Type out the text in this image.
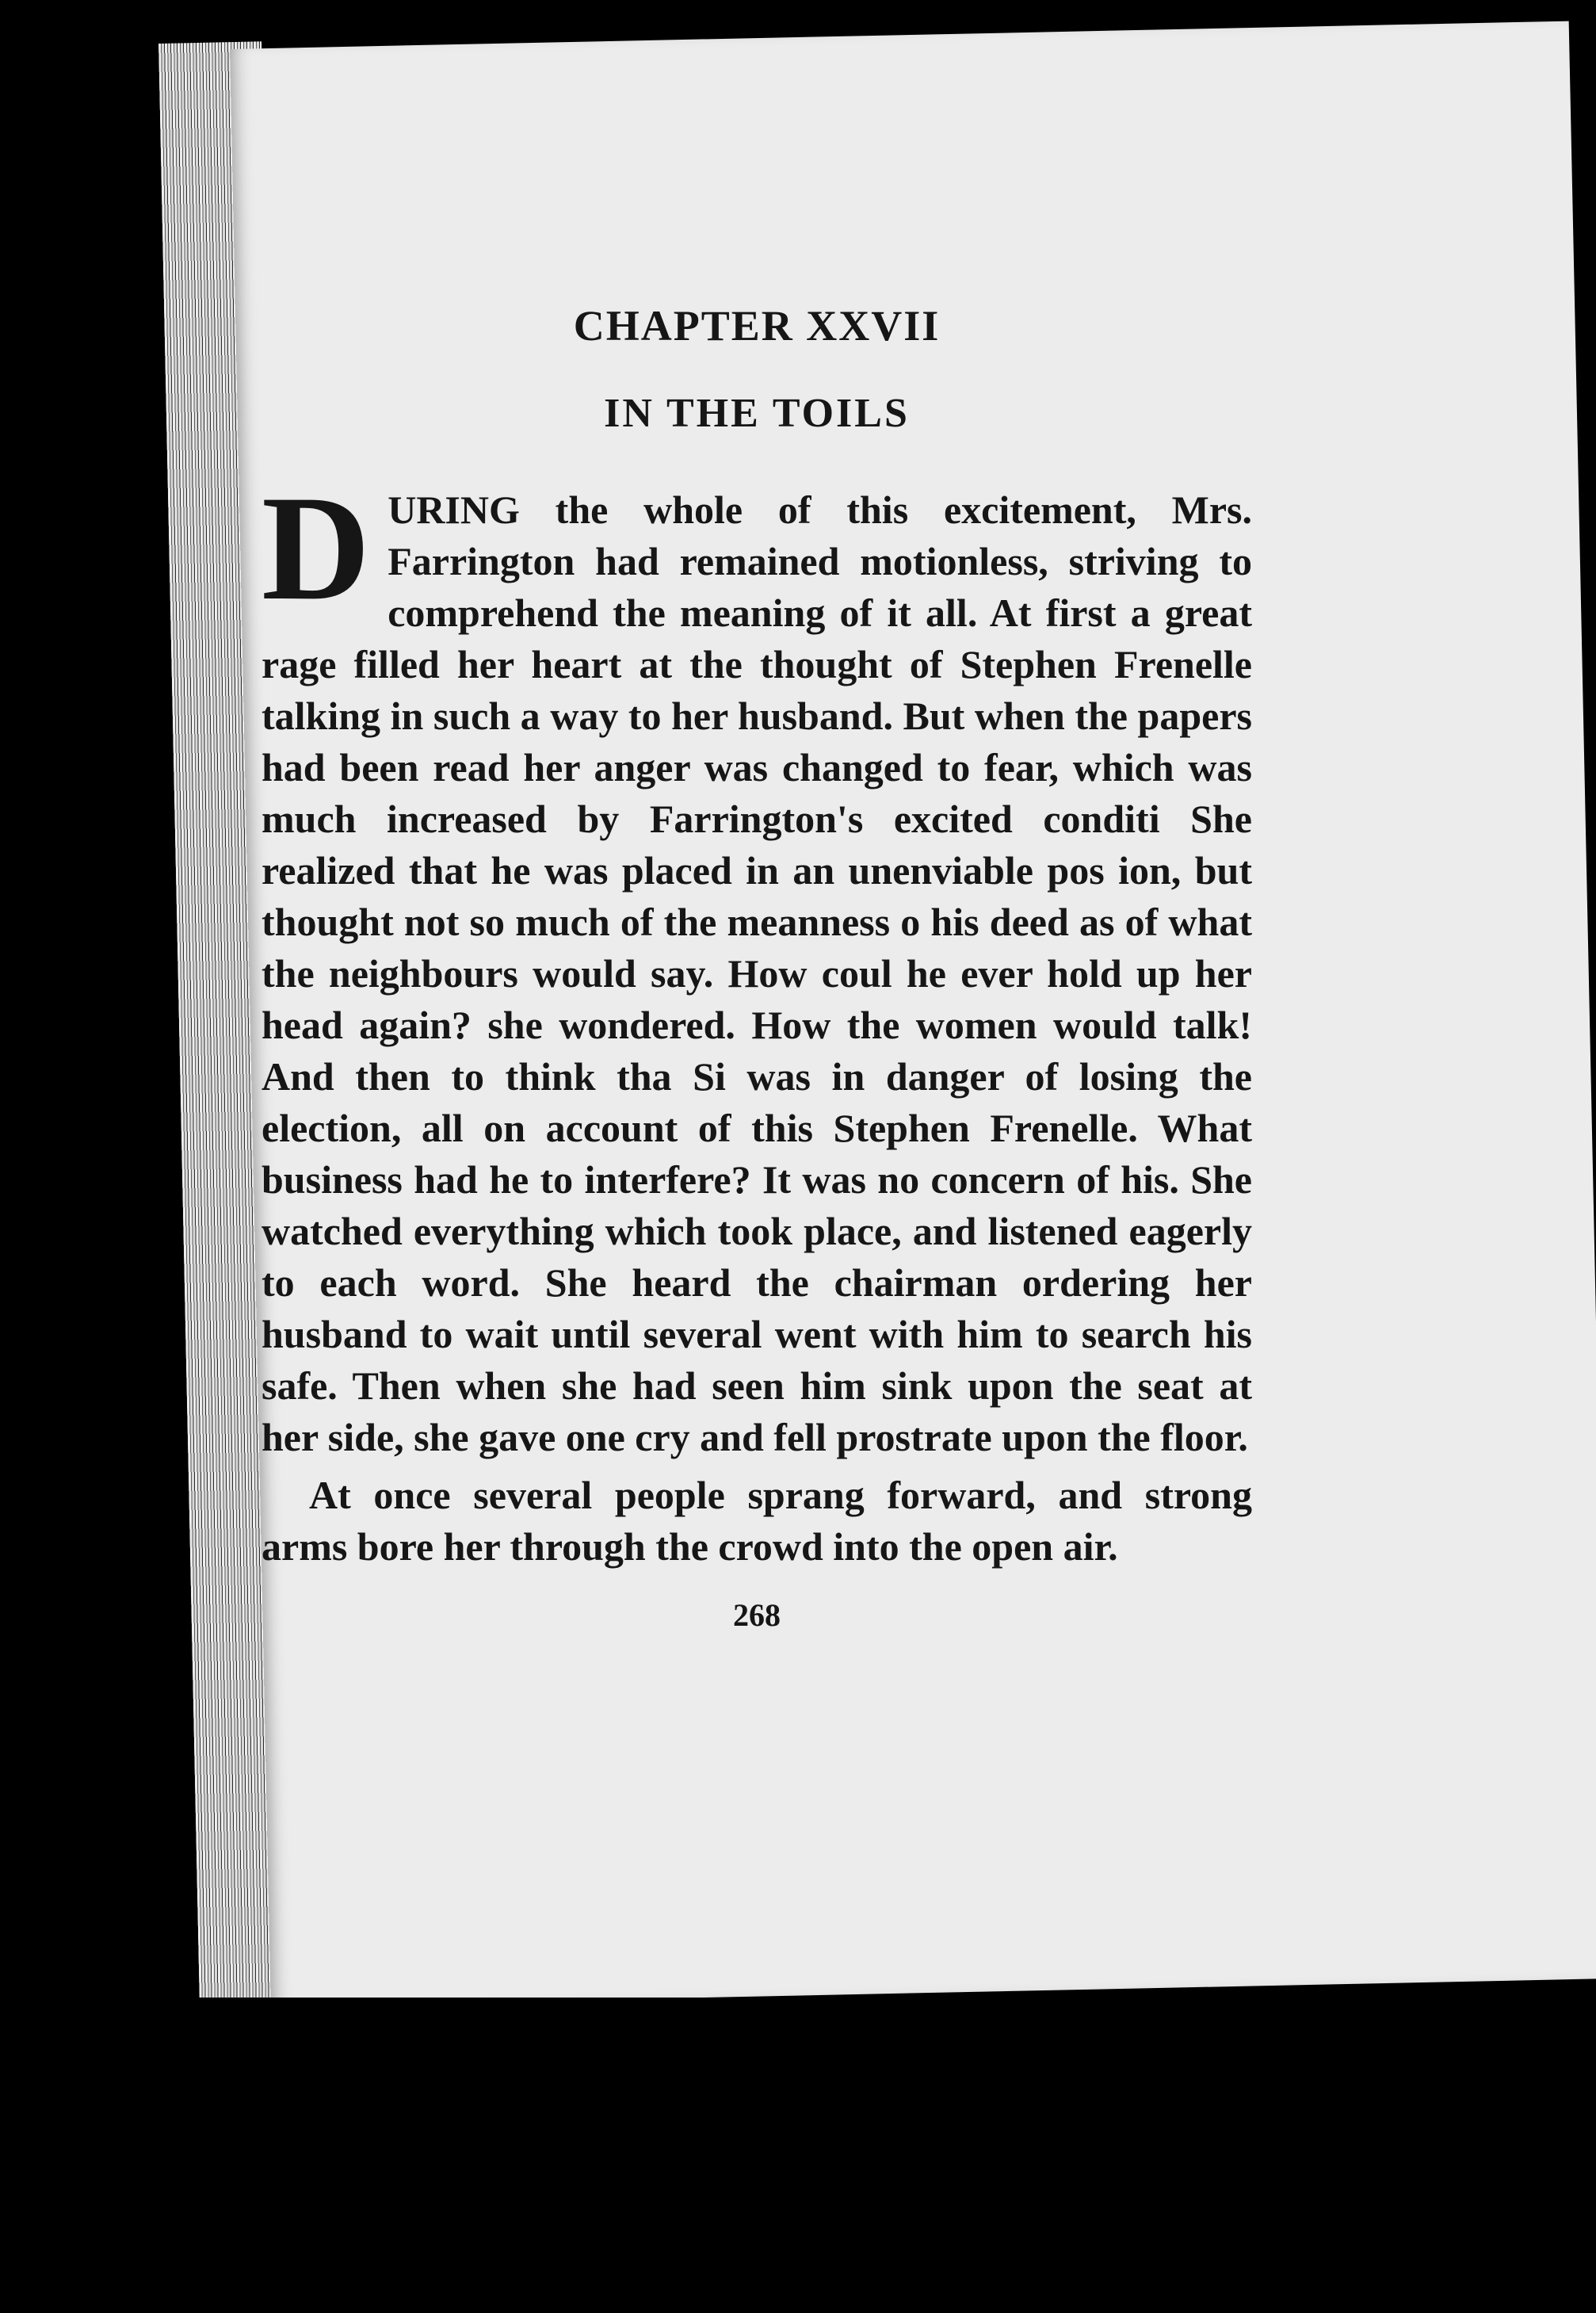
CHAPTER XXVII
IN THE TOILS

DURING the whole of this excitement, Mrs. Farrington had remained motionless, striving to comprehend the meaning of it all. At first a great rage filled her heart at the thought of Stephen Frenelle talking in such a way to her husband. But when the papers had been read her anger was changed to fear, which was much increased by Farrington's excited conditi She realized that he was placed in an unenviable pos ion, but thought not so much of the meanness o his deed as of what the neighbours would say. How coul he ever hold up her head again? she wondered. How the women would talk! And then to think tha Si was in danger of losing the election, all on account of this Stephen Frenelle. What business had he to interfere? It was no concern of his. She watched everything which took place, and listened eagerly to each word. She heard the chairman ordering her husband to wait until several went with him to search his safe. Then when she had seen him sink upon the seat at her side, she gave one cry and fell prostrate upon the floor.

At once several people sprang forward, and strong arms bore her through the crowd into the open air.

268
